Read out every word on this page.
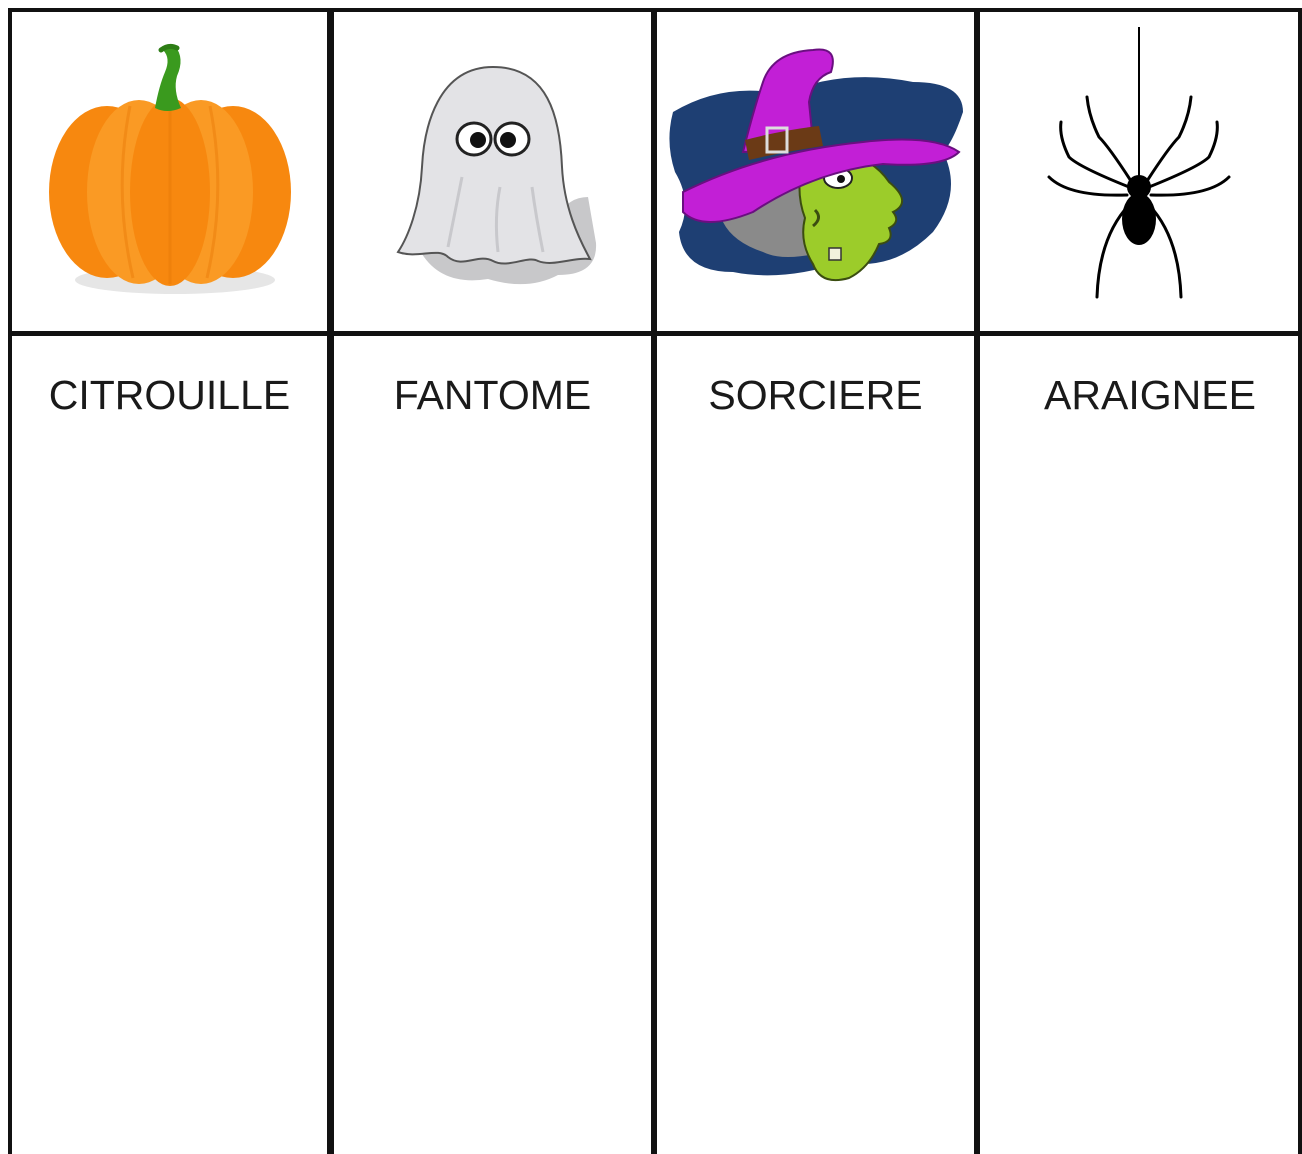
CITROUILLE	FANTOME	SORCIERE	ARAIGNEE
